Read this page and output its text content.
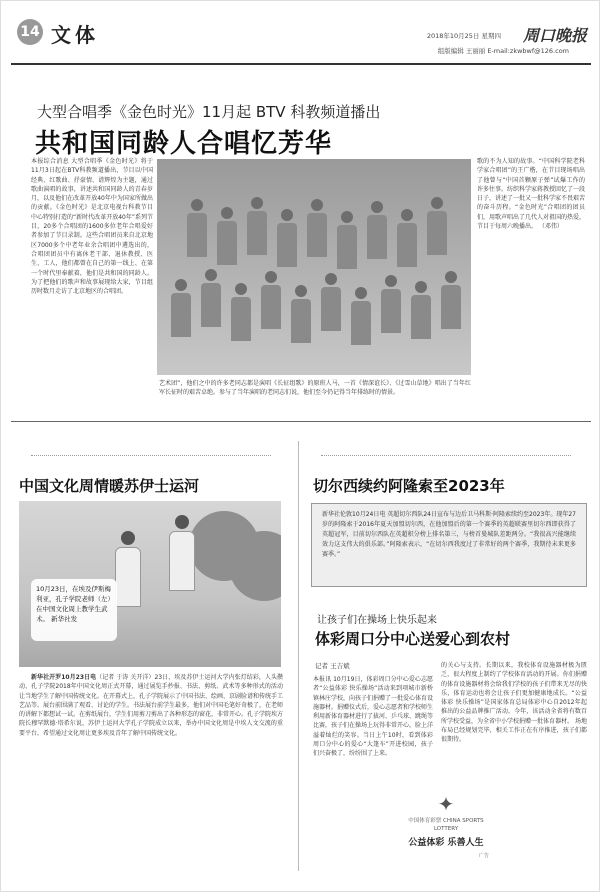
14 文体	2018年10月25日 星期四 周口晚报
组版编辑 王丽丽 E-mail:zkwbwf@126.com
大型合唱季《金色时光》11月起 BTV 科教频道播出
共和国同龄人合唱忆芳华
本报综合消息 大型合唱季《金色时光》将于11月3日起在BTV科教频道播出，节目以中国经典、红歌曲、抒豪情、谱辉煌为主题，通过歌曲演唱的故事，讲述共和国同龄人的青春岁月，以及他们在改革开放40年中为国家所做出的贡献。《金色时光》是北京电视台科教节目中心特别打造的“新时代改革开放40年”系列节目，20多个合唱团的1600多位老年合唱爱好者参加了节目录制。这些合唱团员来自北京地区7000多个中老年业余合唱团中遴选出的，合唱团团员中有离休老干部、退休教授、医生、工人，他们都曾在自己的第一线上、在第一个时代里奉献着，他们是共和国的同龄人。为了把他们的歌声和故事展现给大家，节目组历时数月走访了北京地区的合唱团。
艺术团”，他们之中的许多老同志都是演唱《长征组歌》的原班人马，一首《情深谊长》、《过雪山草地》唱出了当年红军长征时的艰苦卓绝。参与了当年演唱的老同志们说，他们至今仍记得当年排练时的情景。
歌的不为人知的故事。“中国科学院老科学家合唱团”的王广楷，在节目现场唱出了他曾与“中国首颗原子弹”试爆工作的许多往事。纺织科学家蒋教授回忆了一段日子，讲述了一批又一批科学家不畏艰苦的奋斗历程。“金色时光”合唱团的团员们，用歌声唱出了几代人对祖国的热爱，节目于每周六晚播出。 （邓伟）
中国文化周情暖苏伊士运河
10月23日，在埃及伊斯梅利亚，孔子学院老师（左）在中国文化周上教学生武术。 新华社发
新华社开罗10月23日电（记者 于涛 关开洋）23日，埃及苏伊士运河大学内张灯结彩，人头攒动，孔子学院2018年中国文化周正式开幕，通过展览手抄报、书法、剪纸、武术等多种形式的活动让当地学生了解中国传统文化。在开幕式上，孔子学院展示了中国书法、绘画、京剧脸谱和传统手工艺品等。展台前围满了观看、讨论的学生。书法展台前学生最多，他们对中国毛笔好奇极了，在老师的讲解下都想试一试。在剪纸展台，学生们用剪刀剪出了各种形态的窗花，非常开心。孔子学院埃方院长穆罕默德·塔希尔说，苏伊士运河大学孔子学院成立以来，举办中国文化周是中埃人文交流的重要平台，希望通过文化周让更多埃及青年了解中国传统文化。
切尔西续约阿隆索至2023年
新华社伦敦10月24日电 英超切尔西队24日宣布与边后卫马科斯·阿隆索续约至2023年。现年27岁的阿隆索于2016年夏天加盟切尔西，在他加盟后的第一个赛季的英超联赛里切尔西即获得了英超冠军，目前切尔西队在英超积分榜上排名第三，与榜首曼城队差距两分。“我很高兴能继续效力这支伟大的俱乐部。”阿隆索表示，“在切尔西我度过了非常好的两个赛季，我期待未来更多赛季。”
让孩子们在操场上快乐起来
体彩周口分中心送爱心到农村
记者 王吉斌
本报讯 10月19日，体彩周口分中心爱心志愿者“公益体彩 快乐操场”活动来到项城市新桥镇林庄学校，向孩子们捐赠了一批爱心体育设施器材。捐赠仪式后，爱心志愿者和学校师生利用新体育器材进行了拔河、乒乓球、跳绳等比赛，孩子们在操场上玩得非常开心，脸上洋溢着灿烂的笑容。当日上午10时，看到体彩周口分中心的爱心“大篷车”开进校园，孩子们兴奋极了，纷纷围了上来。
的关心与支持。长期以来，我校体育设施器材极为匮乏，很大程度上制约了学校体育活动的开展。你们捐赠的体育设施器材将会给我们学校的孩子们带来无尽的快乐，体育运动也将会让孩子们更加健康地成长。“公益体彩 快乐操场”是国家体育总局体彩中心自2012年起推出的公益品牌推广活动，今年，该活动全省将有数百所学校受益，为全省中小学校捐赠一批体育器材。 场地布局已经规划完毕，相关工作正在有序推进，孩子们都很期待。
✦
中国体育彩票 CHINA SPORTS LOTTERY
公益体彩 乐善人生
广告
